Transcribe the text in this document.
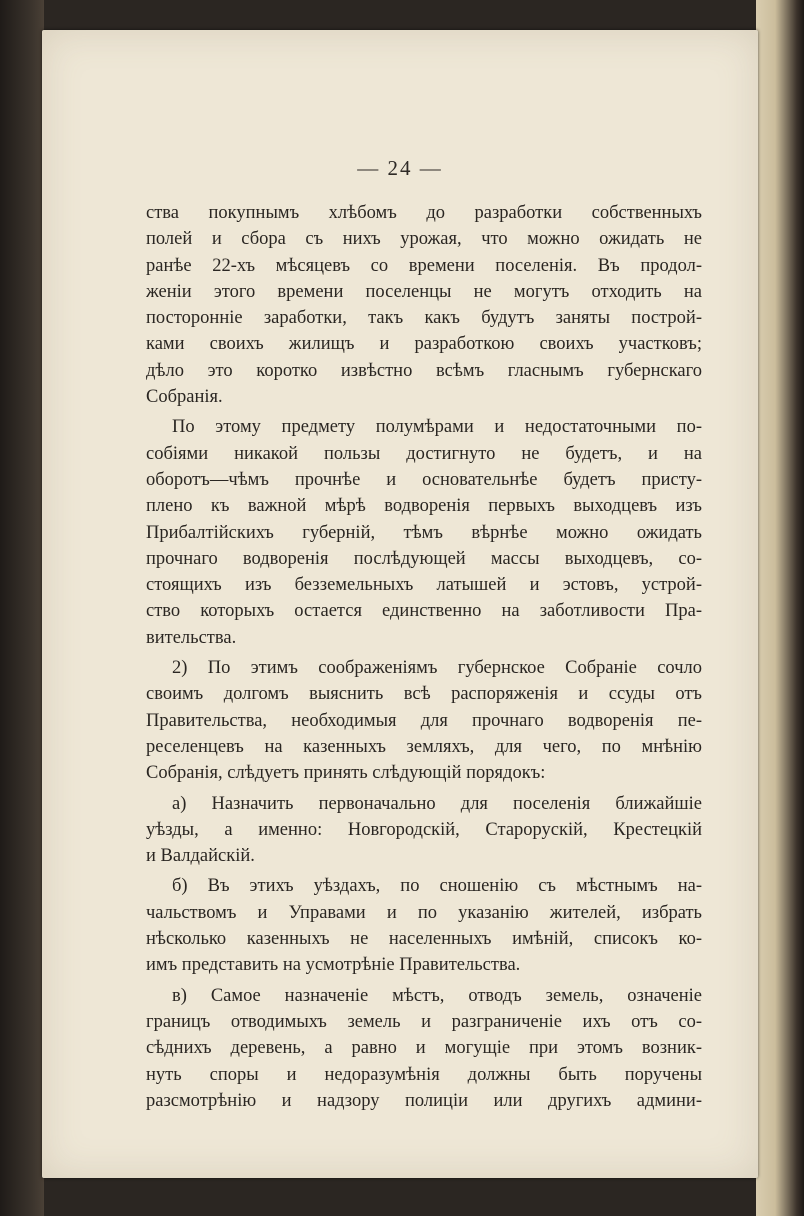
— 24 —
ства покупнымъ хлѣбомъ до разработки собственныхъ
полей и сбора съ нихъ урожая, что можно ожидать не
ранѣе 22-хъ мѣсяцевъ со времени поселенія. Въ продол-
женіи этого времени поселенцы не могутъ отходить на
посторонніе заработки, такъ какъ будутъ заняты построй-
ками своихъ жилищъ и разработкою своихъ участковъ;
дѣло это коротко извѣстно всѣмъ гласнымъ губернскаго
Собранія.
По этому предмету полумѣрами и недостаточными по-
собіями никакой пользы достигнуто не будетъ, и на
оборотъ—чѣмъ прочнѣе и основательнѣе будетъ присту-
плено къ важной мѣрѣ водворенія первыхъ выходцевъ изъ
Прибалтійскихъ губерній, тѣмъ вѣрнѣе можно ожидать
прочнаго водворенія послѣдующей массы выходцевъ, со-
стоящихъ изъ безземельныхъ латышей и эстовъ, устрой-
ство которыхъ остается единственно на заботливости Пра-
вительства.
2) По этимъ соображеніямъ губернское Собраніе сочло
своимъ долгомъ выяснить всѣ распоряженія и ссуды отъ
Правительства, необходимыя для прочнаго водворенія пе-
реселенцевъ на казенныхъ земляхъ, для чего, по мнѣнію
Собранія, слѣдуетъ принять слѣдующій порядокъ:
а) Назначить первоначально для поселенія ближайшіе
уѣзды, а именно: Новгородскій, Старорускій, Крестецкій
и Валдайскій.
б) Въ этихъ уѣздахъ, по сношенію съ мѣстнымъ на-
чальствомъ и Управами и по указанію жителей, избрать
нѣсколько казенныхъ не населенныхъ имѣній, списокъ ко-
имъ представить на усмотрѣніе Правительства.
в) Самое назначеніе мѣстъ, отводъ земель, означеніе
границъ отводимыхъ земель и разграниченіе ихъ отъ со-
сѣднихъ деревень, а равно и могущіе при этомъ возник-
нуть споры и недоразумѣнія должны быть поручены
разсмотрѣнію и надзору полиціи или другихъ админи-
